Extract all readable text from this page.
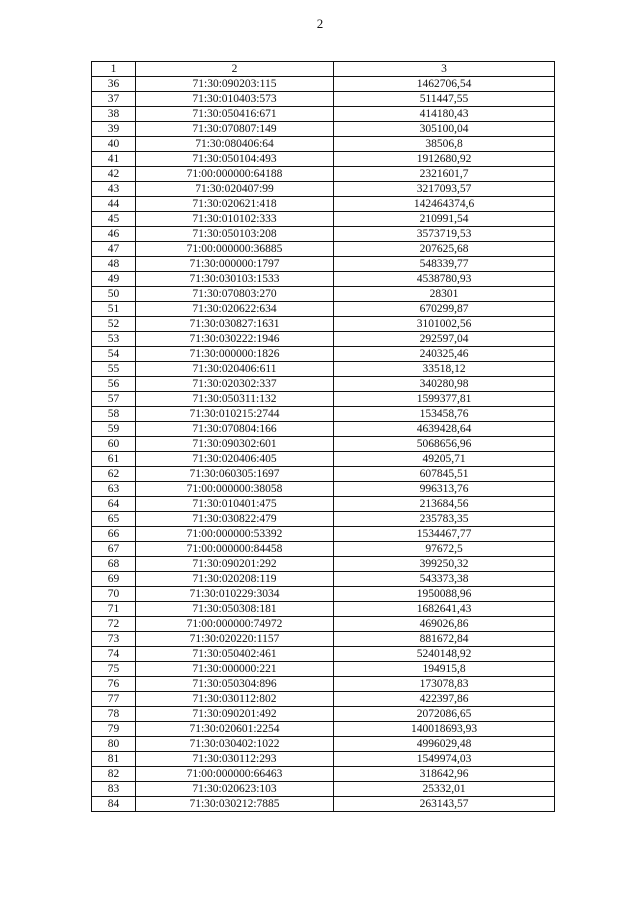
2
1	2	3
36	71:30:090203:115	1462706,54
37	71:30:010403:573	511447,55
38	71:30:050416:671	414180,43
39	71:30:070807:149	305100,04
40	71:30:080406:64	38506,8
41	71:30:050104:493	1912680,92
42	71:00:000000:64188	2321601,7
43	71:30:020407:99	3217093,57
44	71:30:020621:418	142464374,6
45	71:30:010102:333	210991,54
46	71:30:050103:208	3573719,53
47	71:00:000000:36885	207625,68
48	71:30:000000:1797	548339,77
49	71:30:030103:1533	4538780,93
50	71:30:070803:270	28301
51	71:30:020622:634	670299,87
52	71:30:030827:1631	3101002,56
53	71:30:030222:1946	292597,04
54	71:30:000000:1826	240325,46
55	71:30:020406:611	33518,12
56	71:30:020302:337	340280,98
57	71:30:050311:132	1599377,81
58	71:30:010215:2744	153458,76
59	71:30:070804:166	4639428,64
60	71:30:090302:601	5068656,96
61	71:30:020406:405	49205,71
62	71:30:060305:1697	607845,51
63	71:00:000000:38058	996313,76
64	71:30:010401:475	213684,56
65	71:30:030822:479	235783,35
66	71:00:000000:53392	1534467,77
67	71:00:000000:84458	97672,5
68	71:30:090201:292	399250,32
69	71:30:020208:119	543373,38
70	71:30:010229:3034	1950088,96
71	71:30:050308:181	1682641,43
72	71:00:000000:74972	469026,86
73	71:30:020220:1157	881672,84
74	71:30:050402:461	5240148,92
75	71:30:000000:221	194915,8
76	71:30:050304:896	173078,83
77	71:30:030112:802	422397,86
78	71:30:090201:492	2072086,65
79	71:30:020601:2254	140018693,93
80	71:30:030402:1022	4996029,48
81	71:30:030112:293	1549974,03
82	71:00:000000:66463	318642,96
83	71:30:020623:103	25332,01
84	71:30:030212:7885	263143,57
